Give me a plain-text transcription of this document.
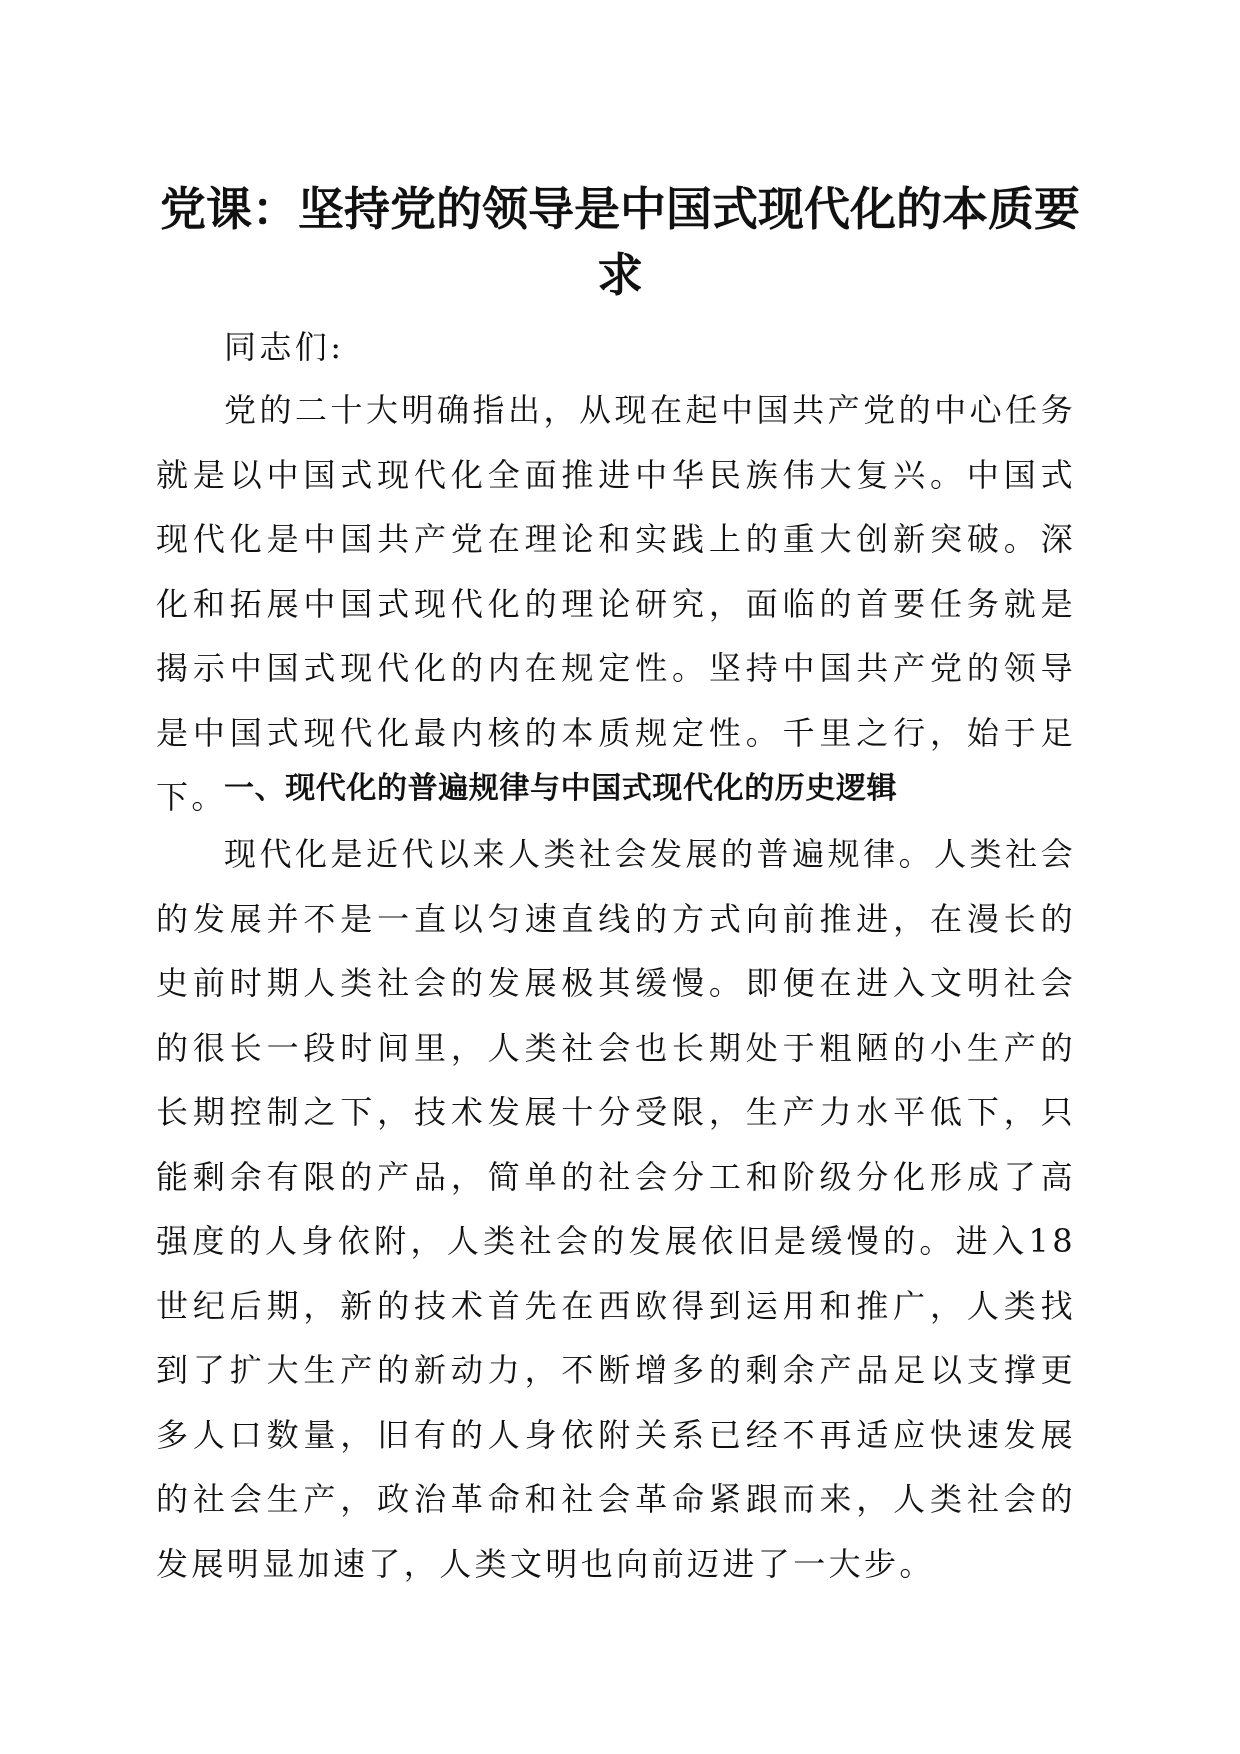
党课：坚持党的领导是中国式现代化的本质要求

同志们:

党的二十大明确指出，从现在起中国共产党的中心任务就是以中国式现代化全面推进中华民族伟大复兴。中国式现代化是中国共产党在理论和实践上的重大创新突破。深化和拓展中国式现代化的理论研究，面临的首要任务就是揭示中国式现代化的内在规定性。坚持中国共产党的领导是中国式现代化最内核的本质规定性。千里之行，始于足下。

一、现代化的普遍规律与中国式现代化的历史逻辑

现代化是近代以来人类社会发展的普遍规律。人类社会的发展并不是一直以匀速直线的方式向前推进，在漫长的史前时期人类社会的发展极其缓慢。即便在进入文明社会的很长一段时间里，人类社会也长期处于粗陋的小生产的长期控制之下，技术发展十分受限，生产力水平低下，只能剩余有限的产品，简单的社会分工和阶级分化形成了高强度的人身依附，人类社会的发展依旧是缓慢的。进入18世纪后期，新的技术首先在西欧得到运用和推广，人类找到了扩大生产的新动力，不断增多的剩余产品足以支撑更多人口数量，旧有的人身依附关系已经不再适应快速发展的社会生产，政治革命和社会革命紧跟而来，人类社会的发展明显加速了，人类文明也向前迈进了一大步。
